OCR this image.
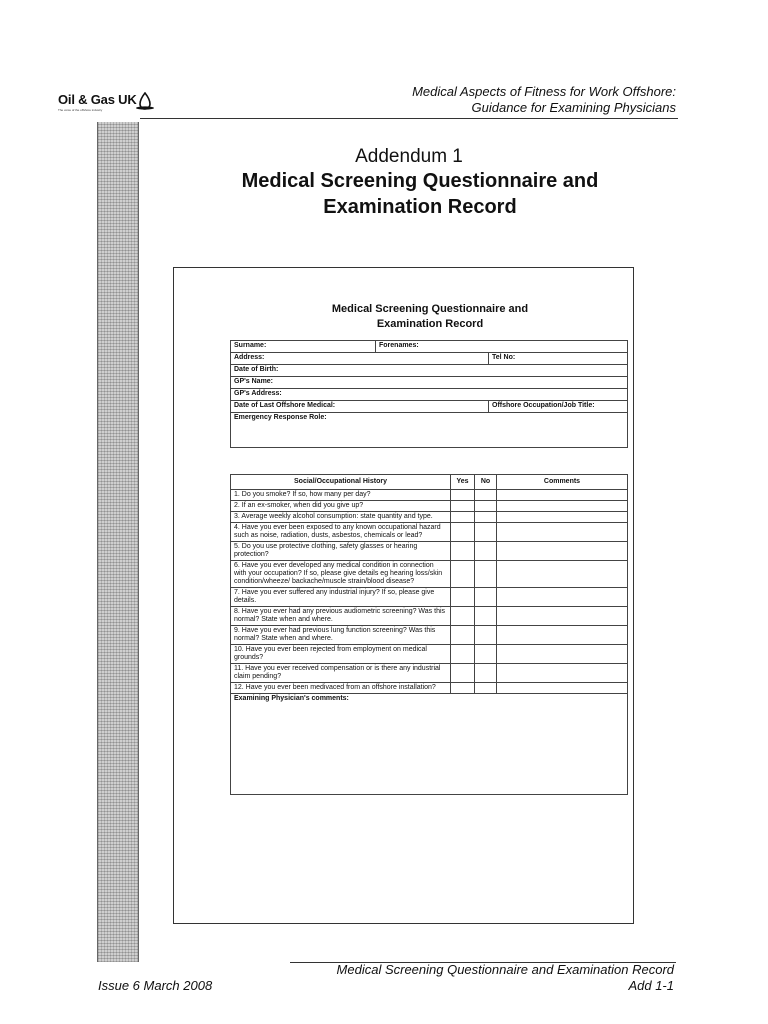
Oil & Gas UK
The voice of the offshore industry
Medical Aspects of Fitness for Work Offshore:
Guidance for Examining Physicians
Addendum 1
Medical Screening Questionnaire and
Examination Record
Medical Screening Questionnaire and
Examination Record
Surname:	Forenames:	
Address:		Tel No:
Date of Birth:		
GP's Name:		
GP's Address:		
Date of Last Offshore Medical:		Offshore Occupation/Job Title:
Emergency Response Role:		
Social/Occupational History	Yes	No	Comments
1. Do you smoke? If so, how many per day?			
2. If an ex-smoker, when did you give up?			
3. Average weekly alcohol consumption: state quantity and type.			
4. Have you ever been exposed to any known occupational hazard such as noise, radiation, dusts, asbestos, chemicals or lead?			
5. Do you use protective clothing, safety glasses or hearing protection?			
6. Have you ever developed any medical condition in connection with your occupation? If so, please give details eg hearing loss/skin condition/wheeze/ backache/muscle strain/blood disease?			
7. Have you ever suffered any industrial injury? If so, please give details.			
8. Have you ever had any previous audiometric screening? Was this normal? State when and where.			
9. Have you ever had previous lung function screening? Was this normal? State when and where.			
10. Have you ever been rejected from employment on medical grounds?			
11. Have you ever received compensation or is there any industrial claim pending?			
12. Have you ever been medivaced from an offshore installation?			
Examining Physician's comments:			
Medical Screening Questionnaire and Examination Record
Issue 6 March 2008	Add 1-1
